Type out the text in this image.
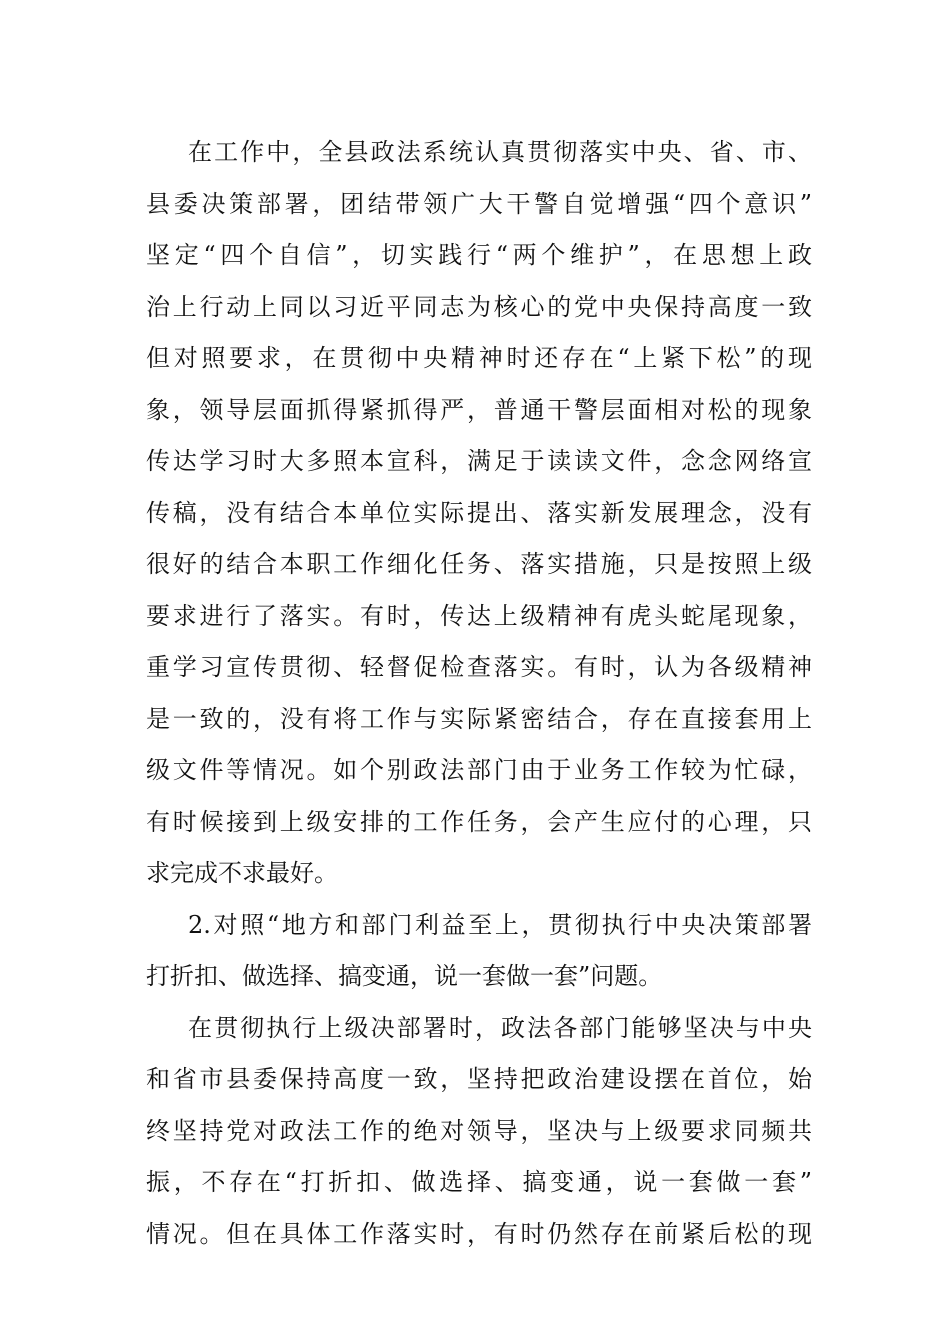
在工作中，全县政法系统认真贯彻落实中央、省、市、
县委决策部署，团结带领广大干警自觉增强“四个意识”
坚定“四个自信”，切实践行“两个维护”，在思想上政
治上行动上同以习近平同志为核心的党中央保持高度一致
但对照要求，在贯彻中央精神时还存在“上紧下松”的现
象，领导层面抓得紧抓得严，普通干警层面相对松的现象
传达学习时大多照本宣科，满足于读读文件，念念网络宣
传稿，没有结合本单位实际提出、落实新发展理念，没有
很好的结合本职工作细化任务、落实措施，只是按照上级
要求进行了落实。有时，传达上级精神有虎头蛇尾现象，
重学习宣传贯彻、轻督促检查落实。有时，认为各级精神
是一致的，没有将工作与实际紧密结合，存在直接套用上
级文件等情况。如个别政法部门由于业务工作较为忙碌，
有时候接到上级安排的工作任务，会产生应付的心理，只
求完成不求最好。
2.对照“地方和部门利益至上，贯彻执行中央决策部署
打折扣、做选择、搞变通，说一套做一套”问题。
在贯彻执行上级决部署时，政法各部门能够坚决与中央
和省市县委保持高度一致，坚持把政治建设摆在首位，始
终坚持党对政法工作的绝对领导，坚决与上级要求同频共
振，不存在“打折扣、做选择、搞变通，说一套做一套”
情况。但在具体工作落实时，有时仍然存在前紧后松的现
